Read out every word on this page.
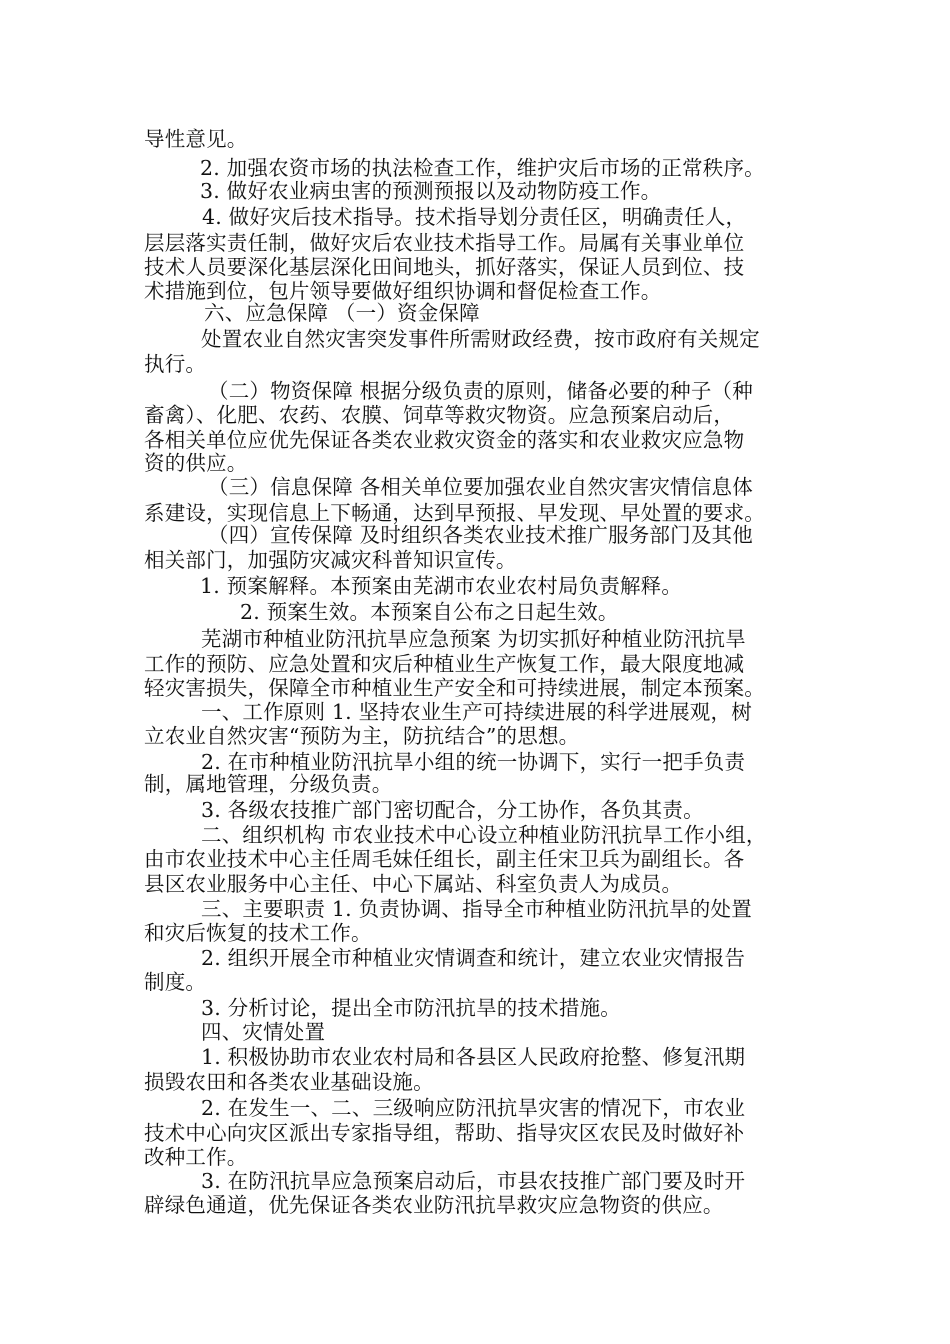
导性意见。
2. 加强农资市场的执法检查工作，维护灾后市场的正常秩序。
3. 做好农业病虫害的预测预报以及动物防疫工作。
4. 做好灾后技术指导。技术指导划分责任区，明确责任人，
层层落实责任制，做好灾后农业技术指导工作。局属有关事业单位
技术人员要深化基层深化田间地头，抓好落实，保证人员到位、技
术措施到位，包片领导要做好组织协调和督促检查工作。
六、应急保障 （一）资金保障
处置农业自然灾害突发事件所需财政经费，按市政府有关规定
执行。
（二）物资保障 根据分级负责的原则，储备必要的种子（种
畜禽）、化肥、农药、农膜、饲草等救灾物资。应急预案启动后，
各相关单位应优先保证各类农业救灾资金的落实和农业救灾应急物
资的供应。
（三）信息保障 各相关单位要加强农业自然灾害灾情信息体
系建设，实现信息上下畅通，达到早预报、早发现、早处置的要求。
（四）宣传保障 及时组织各类农业技术推广服务部门及其他
相关部门，加强防灾减灾科普知识宣传。
1. 预案解释。本预案由芜湖市农业农村局负责解释。
2. 预案生效。本预案自公布之日起生效。
芜湖市种植业防汛抗旱应急预案 为切实抓好种植业防汛抗旱
工作的预防、应急处置和灾后种植业生产恢复工作，最大限度地减
轻灾害损失，保障全市种植业生产安全和可持续进展，制定本预案。
一、工作原则 1. 坚持农业生产可持续进展的科学进展观，树
立农业自然灾害“预防为主，防抗结合”的思想。
2. 在市种植业防汛抗旱小组的统一协调下，实行一把手负责
制，属地管理，分级负责。
3. 各级农技推广部门密切配合，分工协作，各负其责。
二、组织机构 市农业技术中心设立种植业防汛抗旱工作小组，
由市农业技术中心主任周毛妹任组长，副主任宋卫兵为副组长。各
县区农业服务中心主任、中心下属站、科室负责人为成员。
三、主要职责 1. 负责协调、指导全市种植业防汛抗旱的处置
和灾后恢复的技术工作。
2. 组织开展全市种植业灾情调查和统计，建立农业灾情报告
制度。
3. 分析讨论，提出全市防汛抗旱的技术措施。
四、灾情处置
1. 积极协助市农业农村局和各县区人民政府抢整、修复汛期
损毁农田和各类农业基础设施。
2. 在发生一、二、三级响应防汛抗旱灾害的情况下，市农业
技术中心向灾区派出专家指导组，帮助、指导灾区农民及时做好补
改种工作。
3. 在防汛抗旱应急预案启动后，市县农技推广部门要及时开
辟绿色通道，优先保证各类农业防汛抗旱救灾应急物资的供应。
